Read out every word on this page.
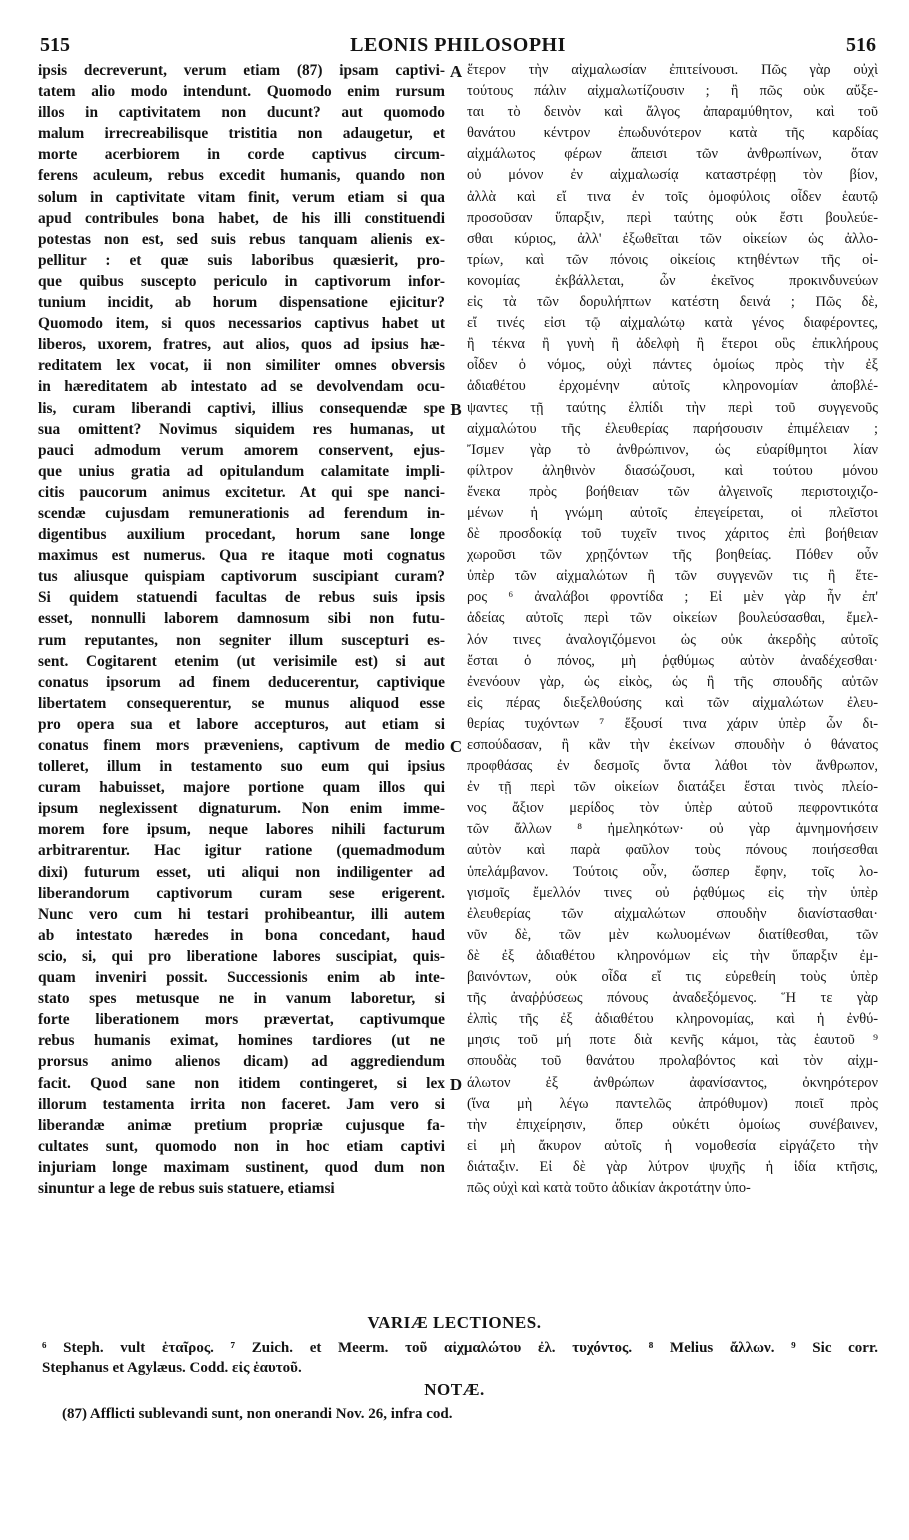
515	LEONIS PHILOSOPHI	516
ipsis decreverunt, verum etiam (87) ipsam captivi-
tatem alio modo intendunt. Quomodo enim rursum
illos in captivitatem non ducunt? aut quomodo
malum irrecreabilisque tristitia non adaugetur, et
morte acerbiorem in corde captivus circum-
ferens aculeum, rebus excedit humanis, quando non
solum in captivitate vitam finit, verum etiam si qua
apud contribules bona habet, de his illi constituendi
potestas non est, sed suis rebus tanquam alienis ex-
pellitur : et quæ suis laboribus quæsierit, pro-
que quibus suscepto periculo in captivorum infor-
tunium incidit, ab horum dispensatione ejicitur?
Quomodo item, si quos necessarios captivus habet ut
liberos, uxorem, fratres, aut alios, quos ad ipsius hæ-
reditatem lex vocat, ii non similiter omnes obversis
in hæreditatem ab intestato ad se devolvendam ocu-
lis, curam liberandi captivi, illius consequendæ spe
sua omittent? Novimus siquidem res humanas, ut
pauci admodum verum amorem conservent, ejus-
que unius gratia ad opitulandum calamitate impli-
citis paucorum animus excitetur. At qui spe nanci-
scendæ cujusdam remunerationis ad ferendum in-
digentibus auxilium procedant, horum sane longe
maximus est numerus. Qua re itaque moti cognatus
tus aliusque quispiam captivorum suscipiant curam?
Si quidem statuendi facultas de rebus suis ipsis
esset, nonnulli laborem damnosum sibi non futu-
rum reputantes, non segniter illum suscepturi es-
sent. Cogitarent etenim (ut verisimile est) si aut
conatus ipsorum ad finem deducerentur, captivique
libertatem consequerentur, se munus aliquod esse
pro opera sua et labore accepturos, aut etiam si
conatus finem mors præveniens, captivum de medio
tolleret, illum in testamento suo eum qui ipsius
curam habuisset, majore portione quam illos qui
ipsum neglexissent dignaturum. Non enim imme-
morem fore ipsum, neque labores nihili facturum
arbitrarentur. Hac igitur ratione (quemadmodum
dixi) futurum esset, uti aliqui non indiligenter ad
liberandorum captivorum curam sese erigerent.
Nunc vero cum hi testari prohibeantur, illi autem
ab intestato hæredes in bona concedant, haud
scio, si, qui pro liberatione labores suscipiat, quis-
quam inveniri possit. Successionis enim ab inte-
stato spes metusque ne in vanum laboretur, si
forte liberationem mors prævertat, captivumque
rebus humanis eximat, homines tardiores (ut ne
prorsus animo alienos dicam) ad aggrediendum
facit. Quod sane non itidem contingeret, si lex
illorum testamenta irrita non faceret. Jam vero si
liberandæ animæ pretium propriæ cujusque fa-
cultates sunt, quomodo non in hoc etiam captivi
injuriam longe maximam sustinent, quod dum non
sinuntur a lege de rebus suis statuere, etiamsi
ἕτερον τὴν αἰχμαλωσίαν ἐπιτείνουσι. Πῶς γὰρ οὐχὶ
τούτους πάλιν αἰχμαλωτίζουσιν ; ἢ πῶς οὐκ αὔξε-
ται τὸ δεινὸν καὶ ἄλγος ἀπαραμύθητον, καὶ τοῦ
θανάτου κέντρον ἐπωδυνότερον κατὰ τῆς καρδίας
αἰχμάλωτος φέρων ἄπεισι τῶν ἀνθρωπίνων, ὅταν
οὐ μόνον ἐν αἰχμαλωσίᾳ καταστρέφῃ τὸν βίον,
ἀλλὰ καὶ εἴ τινα ἐν τοῖς ὁμοφύλοις οἶδεν ἑαυτῷ
προσοῦσαν ὕπαρξιν, περὶ ταύτης οὐκ ἔστι βουλεύε-
σθαι κύριος, ἀλλ' ἐξωθεῖται τῶν οἰκείων ὡς ἀλλο-
τρίων, καὶ τῶν πόνοις οἰκείοις κτηθέντων τῆς οἰ-
κονομίας ἐκβάλλεται, ὧν ἐκεῖνος προκινδυνεύων
εἰς τὰ τῶν δορυλήπτων κατέστη δεινά ; Πῶς δὲ,
εἴ τινές εἰσι τῷ αἰχμαλώτῳ κατὰ γένος διαφέροντες,
ἢ τέκνα ἢ γυνὴ ἢ ἀδελφὴ ἢ ἕτεροι οὓς ἐπικλήρους
οἶδεν ὁ νόμος, οὐχὶ πάντες ὁμοίως πρὸς τὴν ἐξ
ἀδιαθέτου ἐρχομένην αὐτοῖς κληρονομίαν ἀποβλέ-
ψαντες τῇ ταύτης ἐλπίδι τὴν περὶ τοῦ συγγενοῦς
αἰχμαλώτου τῆς ἐλευθερίας παρήσουσιν ἐπιμέλειαν ;
Ἴσμεν γὰρ τὸ ἀνθρώπινον, ὡς εὐαρίθμητοι λίαν
φίλτρον ἀληθινὸν διασώζουσι, καὶ τούτου μόνου
ἕνεκα πρὸς βοήθειαν τῶν ἀλγεινοῖς περιστοιχιζο-
μένων ἡ γνώμη αὐτοῖς ἐπεγείρεται, οἱ πλεῖστοι
δὲ προσδοκίᾳ τοῦ τυχεῖν τινος χάριτος ἐπὶ βοήθειαν
χωροῦσι τῶν χρῃζόντων τῆς βοηθείας. Πόθεν οὖν
ὑπὲρ τῶν αἰχμαλώτων ἢ τῶν συγγενῶν τις ἢ ἕτε-
ρος ⁶ ἀναλάβοι φροντίδα ; Εἰ μὲν γὰρ ἦν ἐπ'
ἀδείας αὐτοῖς περὶ τῶν οἰκείων βουλεύσασθαι, ἔμελ-
λόν τινες ἀναλογιζόμενοι ὡς οὐκ ἀκερδὴς αὐτοῖς
ἔσται ὁ πόνος, μὴ ῥᾳθύμως αὐτὸν ἀναδέχεσθαι·
ἐνενόουν γὰρ, ὡς εἰκὸς, ὡς ἢ τῆς σπουδῆς αὐτῶν
εἰς πέρας διεξελθούσης καὶ τῶν αἰχμαλώτων ἐλευ-
θερίας τυχόντων ⁷ ἕξουσί τινα χάριν ὑπὲρ ὧν δι-
εσπούδασαν, ἢ κἂν τὴν ἐκείνων σπουδὴν ὁ θάνατος
προφθάσας ἐν δεσμοῖς ὄντα λάθοι τὸν ἄνθρωπον,
ἐν τῇ περὶ τῶν οἰκείων διατάξει ἔσται τινὸς πλείο-
νος ἄξιον μερίδος τὸν ὑπὲρ αὐτοῦ πεφροντικότα
τῶν ἄλλων ⁸ ἠμεληκότων· οὐ γὰρ ἀμνημονήσειν
αὐτὸν καὶ παρὰ φαῦλον τοὺς πόνους ποιήσεσθαι
ὑπελάμβανον. Τούτοις οὖν, ὥσπερ ἔφην, τοῖς λο-
γισμοῖς ἔμελλόν τινες οὐ ῥᾳθύμως εἰς τὴν ὑπὲρ
ἐλευθερίας τῶν αἰχμαλώτων σπουδὴν διανίστασθαι·
νῦν δὲ, τῶν μὲν κωλυομένων διατίθεσθαι, τῶν
δὲ ἐξ ἀδιαθέτου κληρονόμων εἰς τὴν ὕπαρξιν ἐμ-
βαινόντων, οὐκ οἶδα εἴ τις εὑρεθείη τοὺς ὑπὲρ
τῆς ἀναῤῥύσεως πόνους ἀναδεξόμενος. Ἥ τε γὰρ
ἐλπὶς τῆς ἐξ ἀδιαθέτου κληρονομίας, καὶ ἡ ἐνθύ-
μησις τοῦ μή ποτε διὰ κενῆς κάμοι, τὰς ἑαυτοῦ ⁹
σπουδὰς τοῦ θανάτου προλαβόντος καὶ τὸν αἰχμ-
άλωτον ἐξ ἀνθρώπων ἀφανίσαντος, ὀκνηρότερον
(ἵνα μὴ λέγω παντελῶς ἀπρόθυμον) ποιεῖ πρὸς
τὴν ἐπιχείρησιν, ὅπερ οὐκέτι ὁμοίως συνέβαινεν,
εἰ μὴ ἄκυρον αὐτοῖς ἡ νομοθεσία εἰργάζετο τὴν
διάταξιν. Εἰ δὲ γὰρ λύτρον ψυχῆς ἡ ἰδία κτῆσις,
πῶς οὐχὶ καὶ κατὰ τοῦτο ἀδικίαν ἀκροτάτην ὑπο-
A
B
C
D
VARIÆ LECTIONES.
⁶ Steph. vult ἑταῖρος. ⁷ Zuich. et Meerm. τοῦ αἰχμαλώτου ἐλ. τυχόντος. ⁸ Melius ἄλλων. ⁹ Sic corr.
Stephanus et Agylæus. Codd. εἰς ἑαυτοῦ.
NOTÆ.
(87) Afflicti sublevandi sunt, non onerandi Nov. 26, infra cod.
